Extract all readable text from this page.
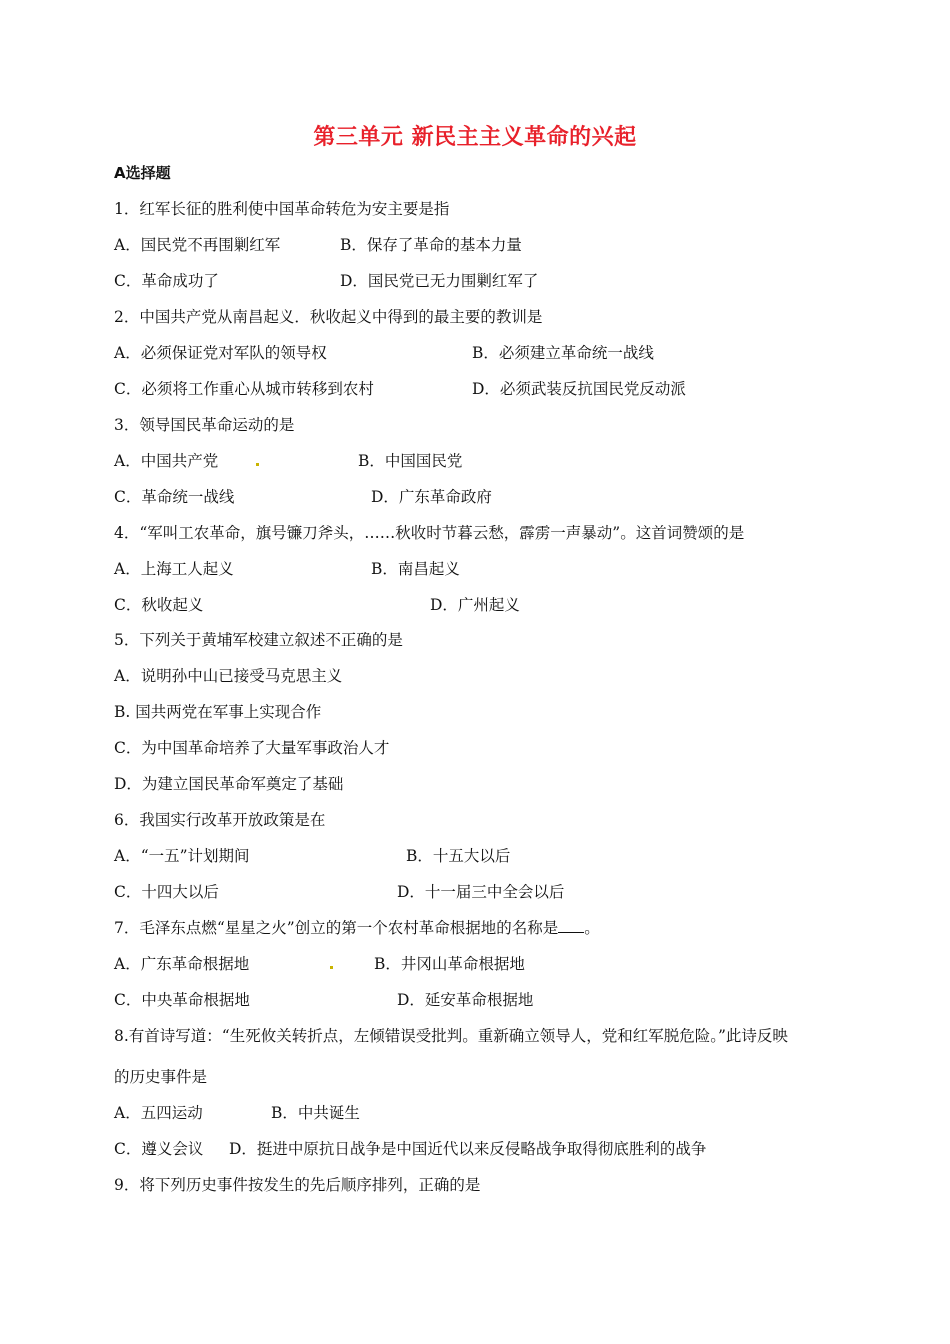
第三单元 新民主主义革命的兴起
A选择题
1．红军长征的胜利使中国革命转危为安主要是指
A．国民党不再围剿红军	B．保存了革命的基本力量
C．革命成功了	D．国民党已无力围剿红军了
2．中国共产党从南昌起义．秋收起义中得到的最主要的教训是
A．必须保证党对军队的领导权	B．必须建立革命统一战线
C．必须将工作重心从城市转移到农村	D．必须武装反抗国民党反动派
3．领导国民革命运动的是
A．中国共产党	B．中国国民党
C．革命统一战线	D．广东革命政府
4．“军叫工农革命，旗号镰刀斧头，……秋收时节暮云愁，霹雳一声暴动”。这首词赞颂的是
A．上海工人起义	B．南昌起义
C．秋收起义	D．广州起义
5．下列关于黄埔军校建立叙述不正确的是
A．说明孙中山已接受马克思主义
B. 国共两党在军事上实现合作
C．为中国革命培养了大量军事政治人才
D．为建立国民革命军奠定了基础
6．我国实行改革开放政策是在
A．“一五”计划期间	B．十五大以后
C．十四大以后	D．十一届三中全会以后
7．毛泽东点燃“星星之火”创立的第一个农村革命根据地的名称是 。
A．广东革命根据地	B．井冈山革命根据地
C．中央革命根据地	D．延安革命根据地
8.有首诗写道：“生死攸关转折点，左倾错误受批判。重新确立领导人，党和红军脱危险。”此诗反映
的历史事件是
A．五四运动	B．中共诞生
C．遵义会议 D．挺进中原抗日战争是中国近代以来反侵略战争取得彻底胜利的战争
9．将下列历史事件按发生的先后顺序排列，正确的是
